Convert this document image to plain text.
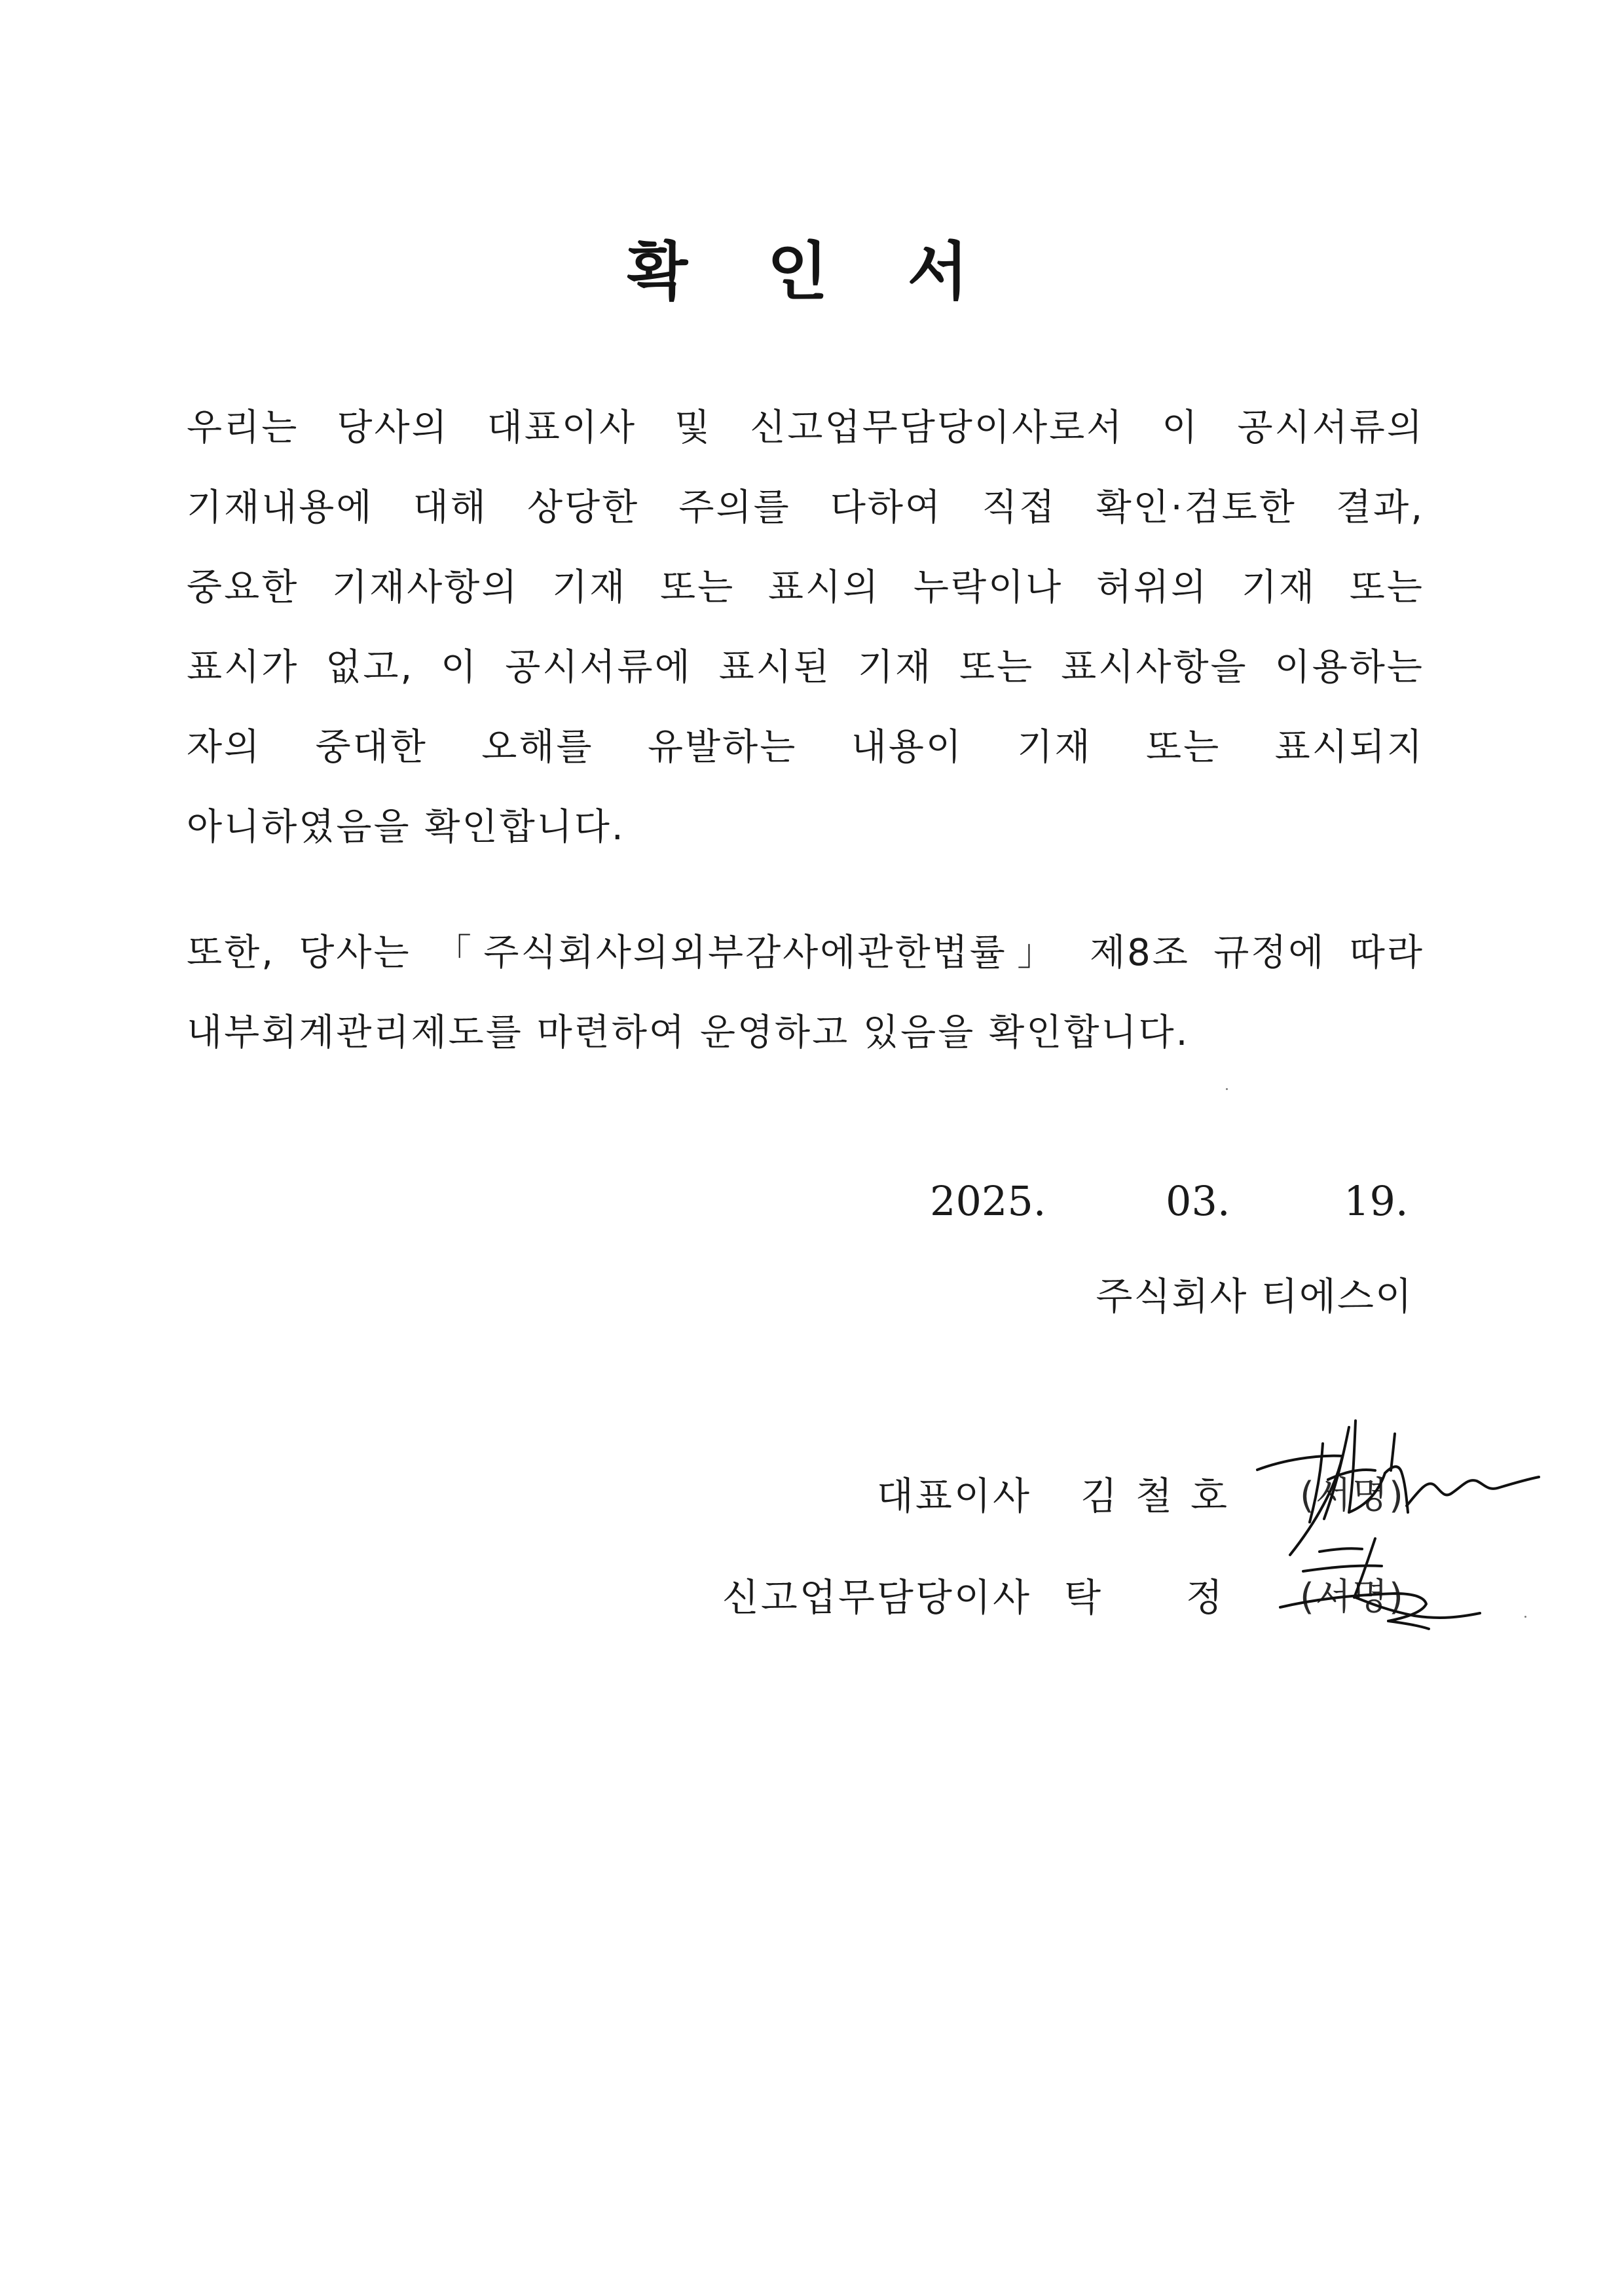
확 인 서

우리는 당사의 대표이사 및 신고업무담당이사로서 이 공시서류의
기재내용에 대해 상당한 주의를 다하여 직접 확인·검토한 결과,
중요한 기재사항의 기재 또는 표시의 누락이나 허위의 기재 또는
표시가 없고, 이 공시서류에 표시된 기재 또는 표시사항을 이용하는
자의 중대한 오해를 유발하는 내용이 기재 또는 표시되지
아니하였음을 확인합니다.

또한, 당사는 「주식회사의외부감사에관한법률」 제8조 규정에 따라
내부회계관리제도를 마련하여 운영하고 있음을 확인합니다.

2025.	03.	19.
주식회사 티에스이
대표이사 김철호 (서명)
신고업무담당이사 탁정
(서명)
